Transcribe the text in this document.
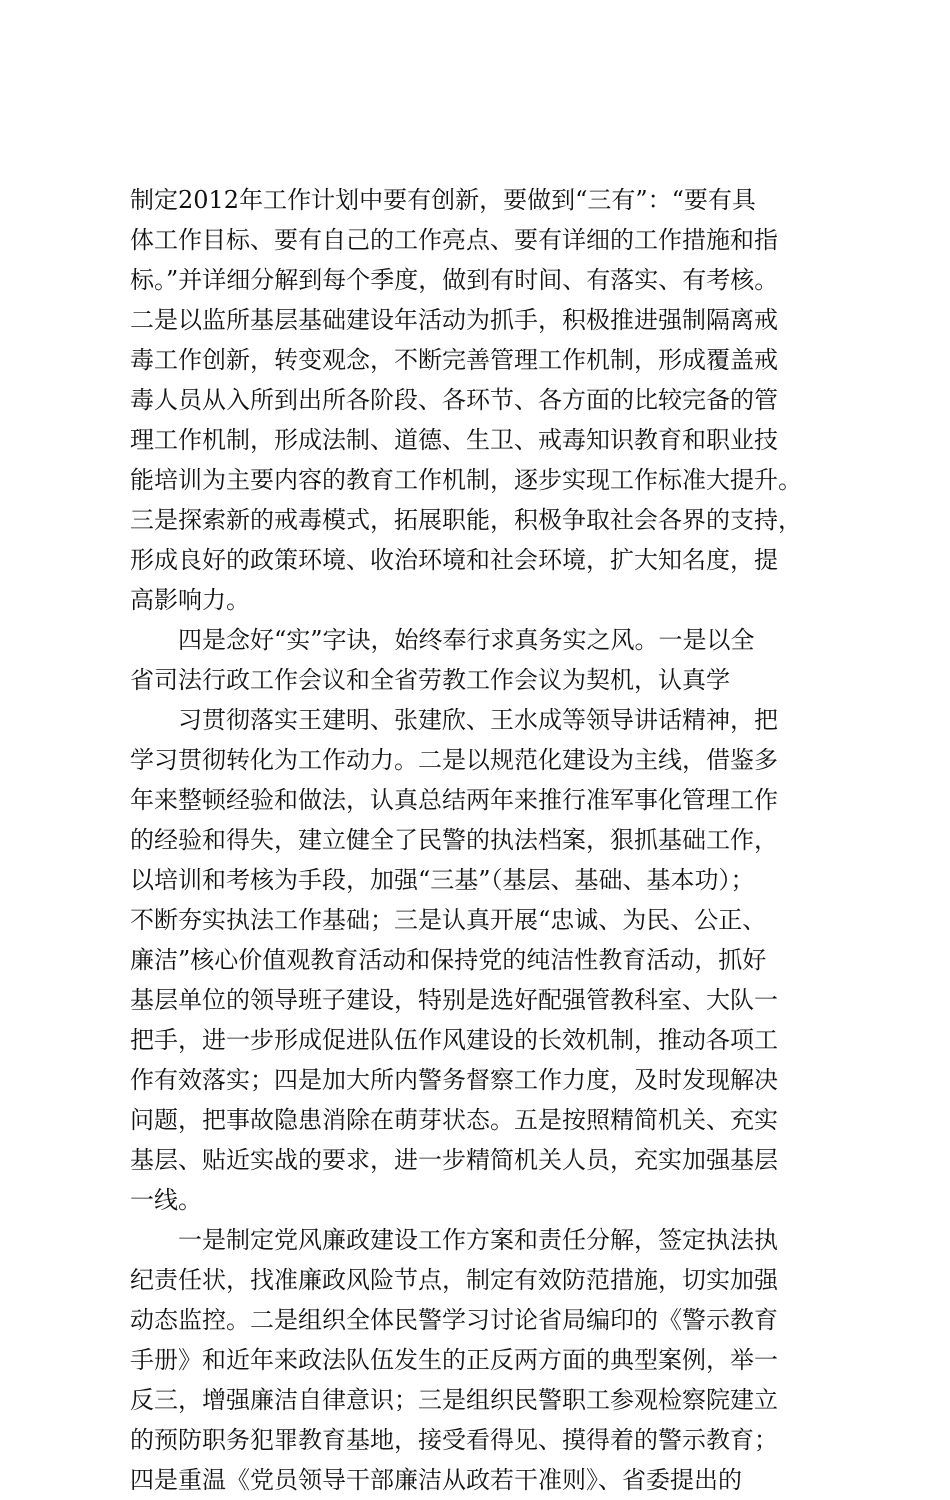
制定2012年工作计划中要有创新，要做到“三有”：“要有具
体工作目标、要有自己的工作亮点、要有详细的工作措施和指
标。”并详细分解到每个季度，做到有时间、有落实、有考核。
二是以监所基层基础建设年活动为抓手，积极推进强制隔离戒
毒工作创新，转变观念，不断完善管理工作机制，形成覆盖戒
毒人员从入所到出所各阶段、各环节、各方面的比较完备的管
理工作机制，形成法制、道德、生卫、戒毒知识教育和职业技
能培训为主要内容的教育工作机制，逐步实现工作标准大提升。
三是探索新的戒毒模式，拓展职能，积极争取社会各界的支持，
形成良好的政策环境、收治环境和社会环境，扩大知名度，提
高影响力。
四是念好“实”字诀，始终奉行求真务实之风。一是以全
省司法行政工作会议和全省劳教工作会议为契机，认真学
习贯彻落实王建明、张建欣、王水成等领导讲话精神，把
学习贯彻转化为工作动力。二是以规范化建设为主线，借鉴多
年来整顿经验和做法，认真总结两年来推行准军事化管理工作
的经验和得失，建立健全了民警的执法档案，狠抓基础工作，
以培训和考核为手段，加强“三基”（基层、基础、基本功）；
不断夯实执法工作基础；三是认真开展“忠诚、为民、公正、
廉洁”核心价值观教育活动和保持党的纯洁性教育活动，抓好
基层单位的领导班子建设，特别是选好配强管教科室、大队一
把手，进一步形成促进队伍作风建设的长效机制，推动各项工
作有效落实；四是加大所内警务督察工作力度，及时发现解决
问题，把事故隐患消除在萌芽状态。五是按照精简机关、充实
基层、贴近实战的要求，进一步精简机关人员，充实加强基层
一线。
一是制定党风廉政建设工作方案和责任分解，签定执法执
纪责任状，找准廉政风险节点，制定有效防范措施，切实加强
动态监控。二是组织全体民警学习讨论省局编印的《警示教育
手册》和近年来政法队伍发生的正反两方面的典型案例，举一
反三，增强廉洁自律意识；三是组织民警职工参观检察院建立
的预防职务犯罪教育基地，接受看得见、摸得着的警示教育；
四是重温《党员领导干部廉洁从政若干准则》、省委提出的
